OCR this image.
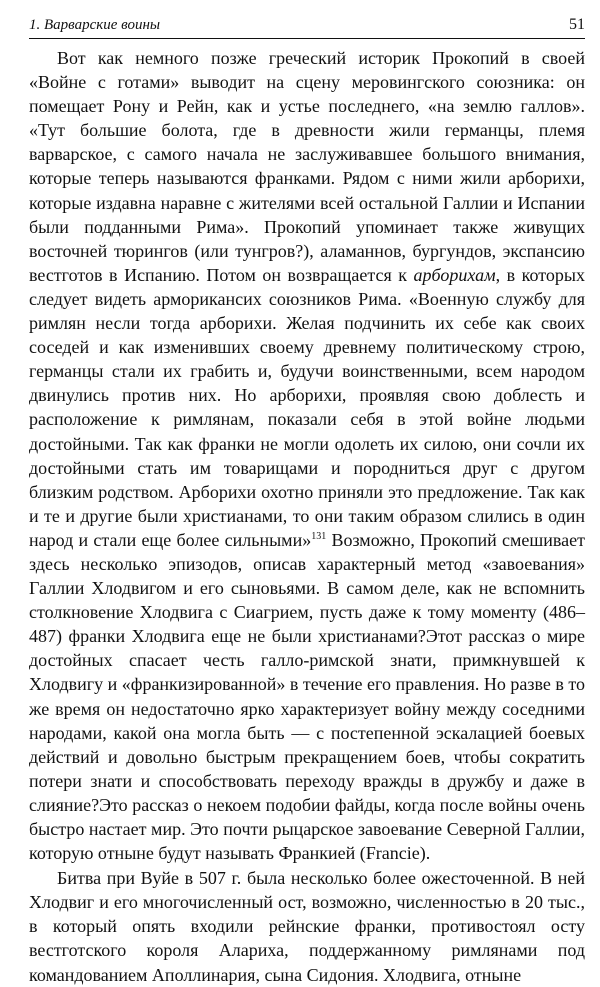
1. Варварские воины	51

Вот как немного позже греческий историк Прокопий в своей «Войне с готами» выводит на сцену меровингского союзника: он помещает Рону и Рейн, как и устье последнего, «на землю галлов». «Тут большие болота, где в древности жили германцы, племя варварское, с самого начала не заслуживавшее большого внимания, которые теперь называются франками. Рядом с ними жили арборихи, которые издавна наравне с жителями всей остальной Галлии и Испании были подданными Рима». Прокопий упоминает также живущих восточней тюрингов (или тунгров?), аламаннов, бургундов, экспансию вестготов в Испанию. Потом он возвращается к арборихам, в которых следует видеть арморикансих союзников Рима. «Военную службу для римлян несли тогда арборихи. Желая подчинить их себе как своих соседей и как изменивших своему древнему политическому строю, германцы стали их грабить и, будучи воинственными, всем народом двинулись против них. Но арборихи, проявляя свою доблесть и расположение к римлянам, показали себя в этой войне людьми достойными. Так как франки не могли одолеть их силою, они сочли их достойными стать им товарищами и породниться друг с другом близким родством. Арборихи охотно приняли это предложение. Так как и те и другие были христианами, то они таким образом слились в один народ и стали еще более сильными»$^{131}$ Возможно, Прокопий смешивает здесь несколько эпизодов, описав характерный метод «завоевания» Галлии Хлодвигом и его сыновьями. В самом деле, как не вспомнить столкновение Хлодвига с Сиагрием, пусть даже к тому моменту (486–487) франки Хлодвига еще не были христианами?Этот рассказ о мире достойных спасает честь галло-римской знати, примкнувшей к Хлодвигу и «франкизированной» в течение его правления. Но разве в то же время он недостаточно ярко характеризует войну между соседними народами, какой она могла быть — с постепенной эскалацией боевых действий и довольно быстрым прекращением боев, чтобы сократить потери знати и способствовать переходу вражды в дружбу и даже в слияние?Это рассказ о некоем подобии файды, когда после войны очень быстро настает мир. Это почти рыцарское завоевание Северной Галлии, которую отныне будут называть Франкией (Francie).

Битва при Вуйе в 507 г. была несколько более ожесточенной. В ней Хлодвиг и его многочисленный ост, возможно, численностью в 20 тыс., в который опять входили рейнские франки, противостоял осту вестготского короля Алариха, поддержанному римлянами под командованием Аполлинария, сына Сидония. Хлодвига, отныне
